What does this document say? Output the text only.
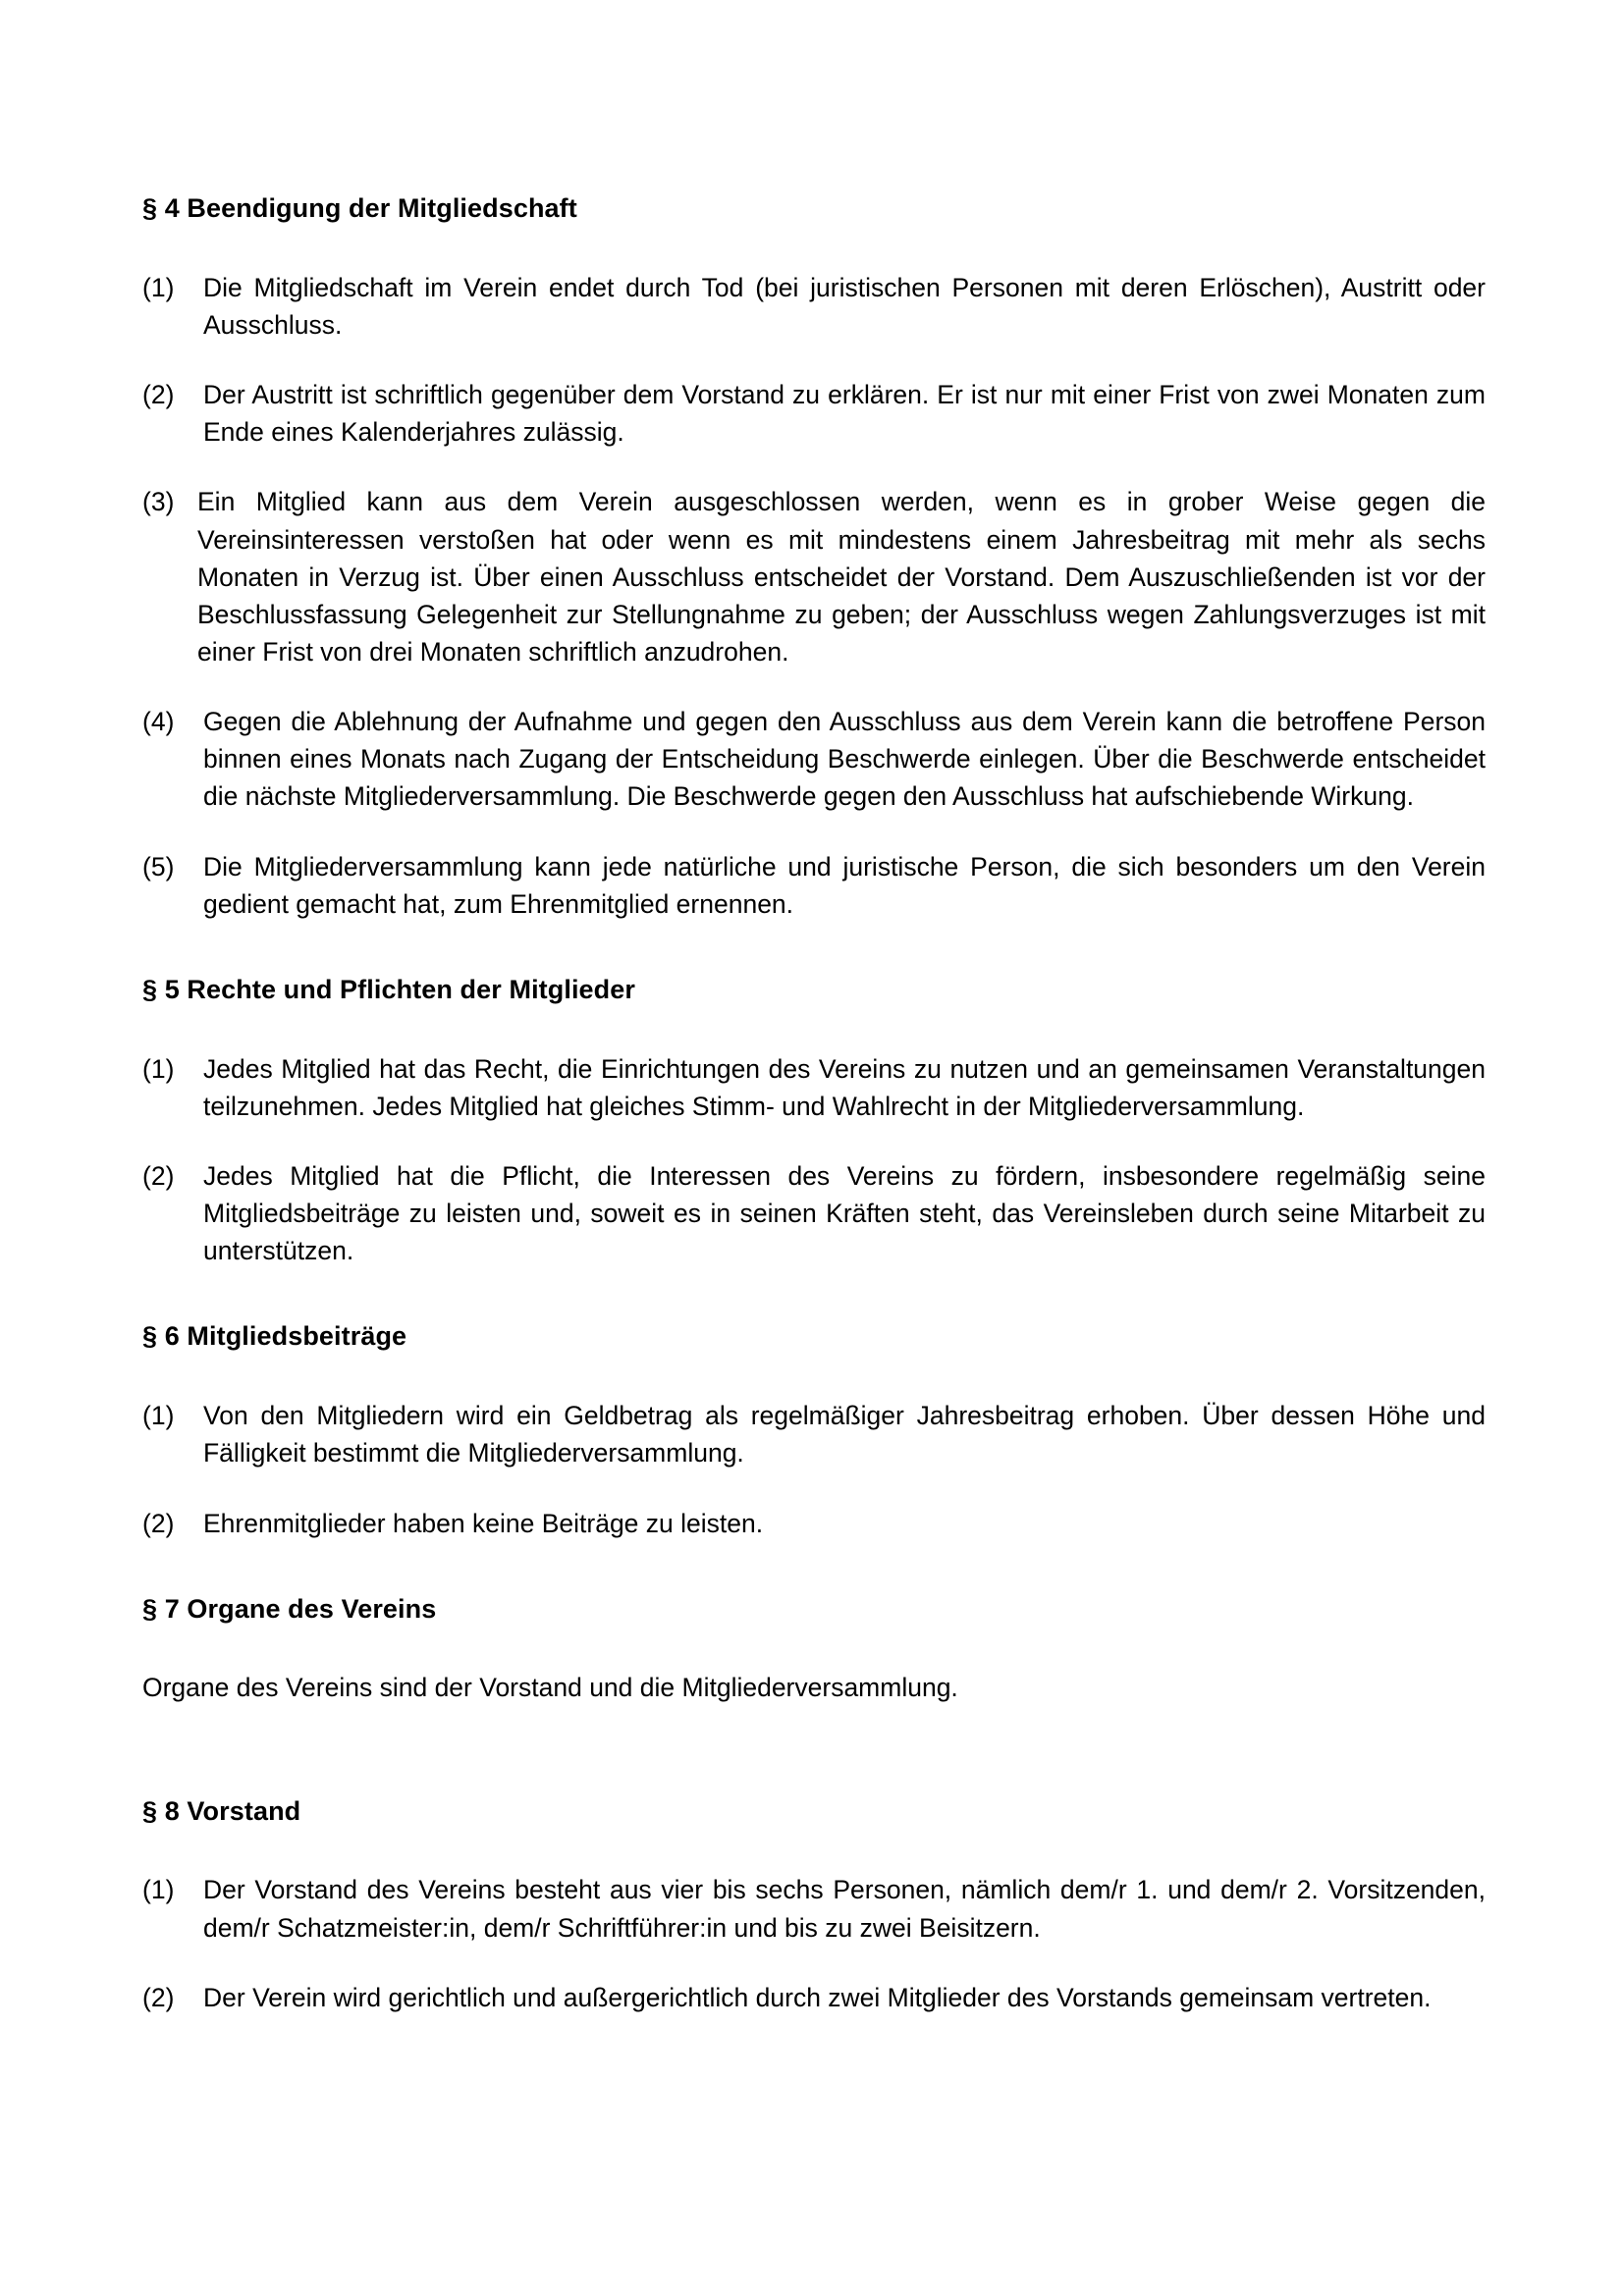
§ 4 Beendigung der Mitgliedschaft
(1)	Die Mitgliedschaft im Verein endet durch Tod (bei juristischen Personen mit deren Erlöschen), Austritt oder Ausschluss.
(2)	Der Austritt ist schriftlich gegenüber dem Vorstand zu erklären. Er ist nur mit einer Frist von zwei Monaten zum Ende eines Kalenderjahres zulässig.
(3) Ein Mitglied kann aus dem Verein ausgeschlossen werden, wenn es in grober Weise gegen die Vereinsinteressen verstoßen hat oder wenn es mit mindestens einem Jahresbeitrag mit mehr als sechs Monaten in Verzug ist. Über einen Ausschluss entscheidet der Vorstand. Dem Auszuschließenden ist vor der Beschlussfassung Gelegenheit zur Stellungnahme zu geben; der Ausschluss wegen Zahlungsverzuges ist mit einer Frist von drei Monaten schriftlich anzudrohen.
(4)	Gegen die Ablehnung der Aufnahme und gegen den Ausschluss aus dem Verein kann die betroffene Person binnen eines Monats nach Zugang der Entscheidung Beschwerde einlegen. Über die Beschwerde entscheidet die nächste Mitgliederversammlung. Die Beschwerde gegen den Ausschluss hat aufschiebende Wirkung.
(5)	Die Mitgliederversammlung kann jede natürliche und juristische Person, die sich besonders um den Verein gedient gemacht hat, zum Ehrenmitglied ernennen.
§ 5 Rechte und Pflichten der Mitglieder
(1)	Jedes Mitglied hat das Recht, die Einrichtungen des Vereins zu nutzen und an gemeinsamen Veranstaltungen teilzunehmen. Jedes Mitglied hat gleiches Stimm- und Wahlrecht in der Mitgliederversammlung.
(2)	Jedes Mitglied hat die Pflicht, die Interessen des Vereins zu fördern, insbesondere regelmäßig seine Mitgliedsbeiträge zu leisten und, soweit es in seinen Kräften steht, das Vereinsleben durch seine Mitarbeit zu unterstützen.
§ 6 Mitgliedsbeiträge
(1)	Von den Mitgliedern wird ein Geldbetrag als regelmäßiger Jahresbeitrag erhoben. Über dessen Höhe und Fälligkeit bestimmt die Mitgliederversammlung.
(2)	Ehrenmitglieder haben keine Beiträge zu leisten.
§ 7 Organe des Vereins
Organe des Vereins sind der Vorstand und die Mitgliederversammlung.
§ 8 Vorstand
(1)	Der Vorstand des Vereins besteht aus vier bis sechs Personen, nämlich dem/r 1. und dem/r 2. Vorsitzenden, dem/r Schatzmeister:in, dem/r Schriftführer:in und bis zu zwei Beisitzern.
(2)	Der Verein wird gerichtlich und außergerichtlich durch zwei Mitglieder des Vorstands gemeinsam vertreten.
